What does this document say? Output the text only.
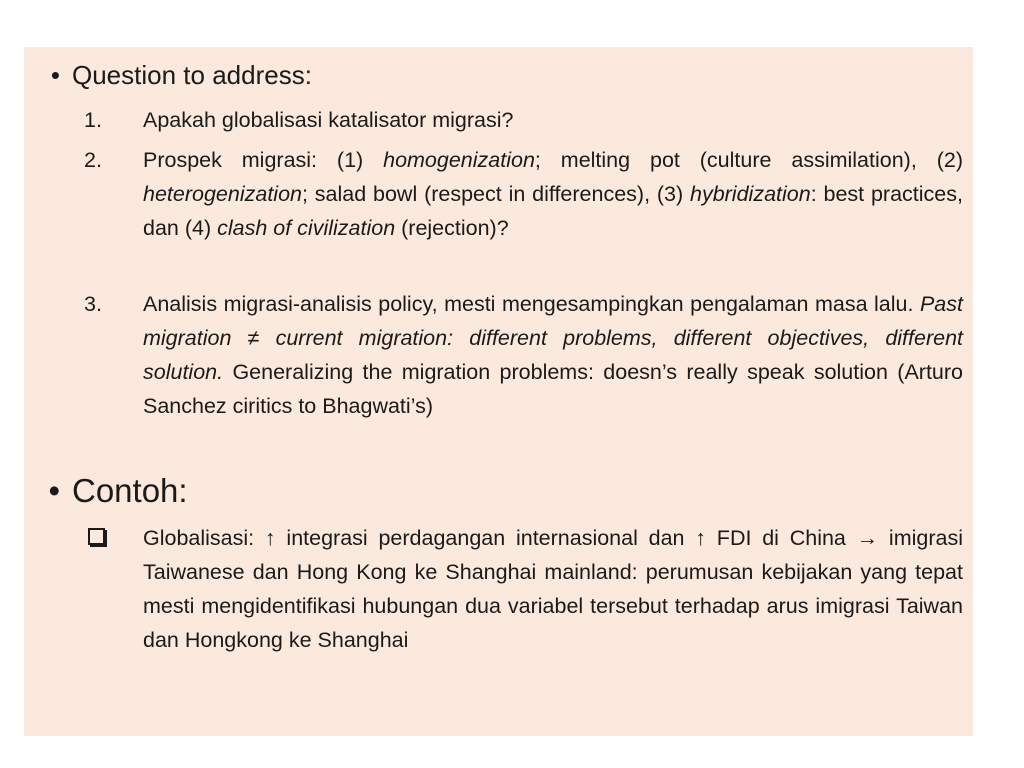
• Question to address:
1.	Apakah globalisasi katalisator migrasi?
2.	Prospek migrasi: (1) homogenization; melting pot (culture assimilation), (2) heterogenization; salad bowl (respect in differences), (3) hybridization: best practices, dan (4) clash of civilization (rejection)?
3.	Analisis migrasi-analisis policy, mesti mengesampingkan pengalaman masa lalu. Past migration ≠ current migration: different problems, different objectives, different solution. Generalizing the migration problems: doesn’s really speak solution (Arturo Sanchez ciritics to Bhagwati’s)
• Contoh:
Globalisasi: ↑ integrasi perdagangan internasional dan ↑ FDI di China → imigrasi Taiwanese dan Hong Kong ke Shanghai mainland: perumusan kebijakan yang tepat mesti mengidentifikasi hubungan dua variabel tersebut terhadap arus imigrasi Taiwan dan Hongkong ke Shanghai
